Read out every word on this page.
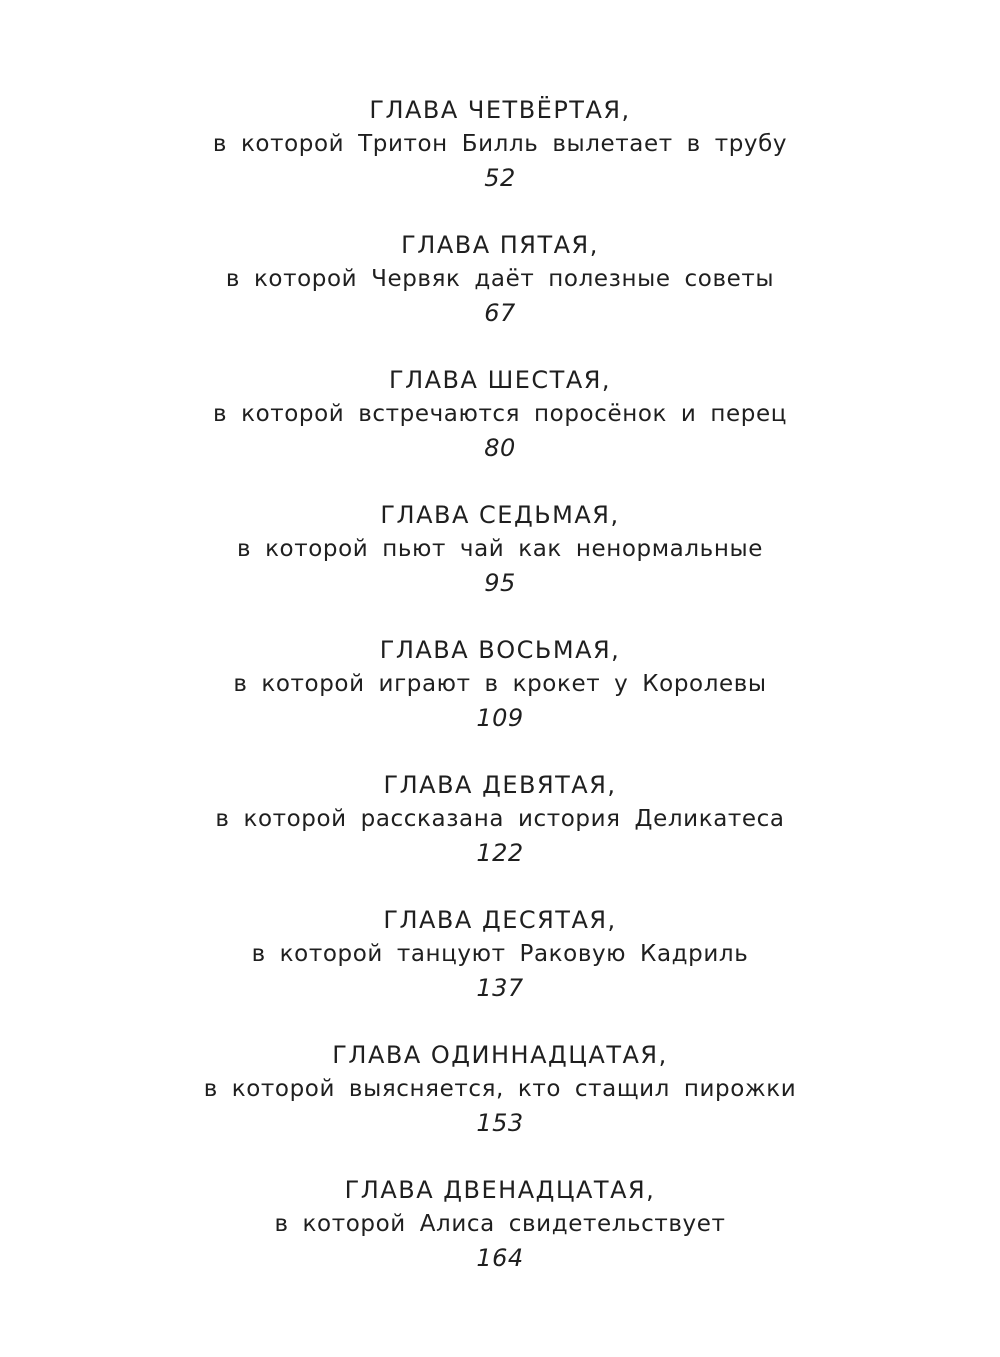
ГЛАВА ЧЕТВЁРТАЯ,
в которой Тритон Билль вылетает в трубу
52
ГЛАВА ПЯТАЯ,
в которой Червяк даёт полезные советы
67
ГЛАВА ШЕСТАЯ,
в которой встречаются поросёнок и перец
80
ГЛАВА СЕДЬМАЯ,
в которой пьют чай как ненормальные
95
ГЛАВА ВОСЬМАЯ,
в которой играют в крокет у Королевы
109
ГЛАВА ДЕВЯТАЯ,
в которой рассказана история Деликатеса
122
ГЛАВА ДЕСЯТАЯ,
в которой танцуют Раковую Кадриль
137
ГЛАВА ОДИННАДЦАТАЯ,
в которой выясняется, кто стащил пирожки
153
ГЛАВА ДВЕНАДЦАТАЯ,
в которой Алиса свидетельствует
164
